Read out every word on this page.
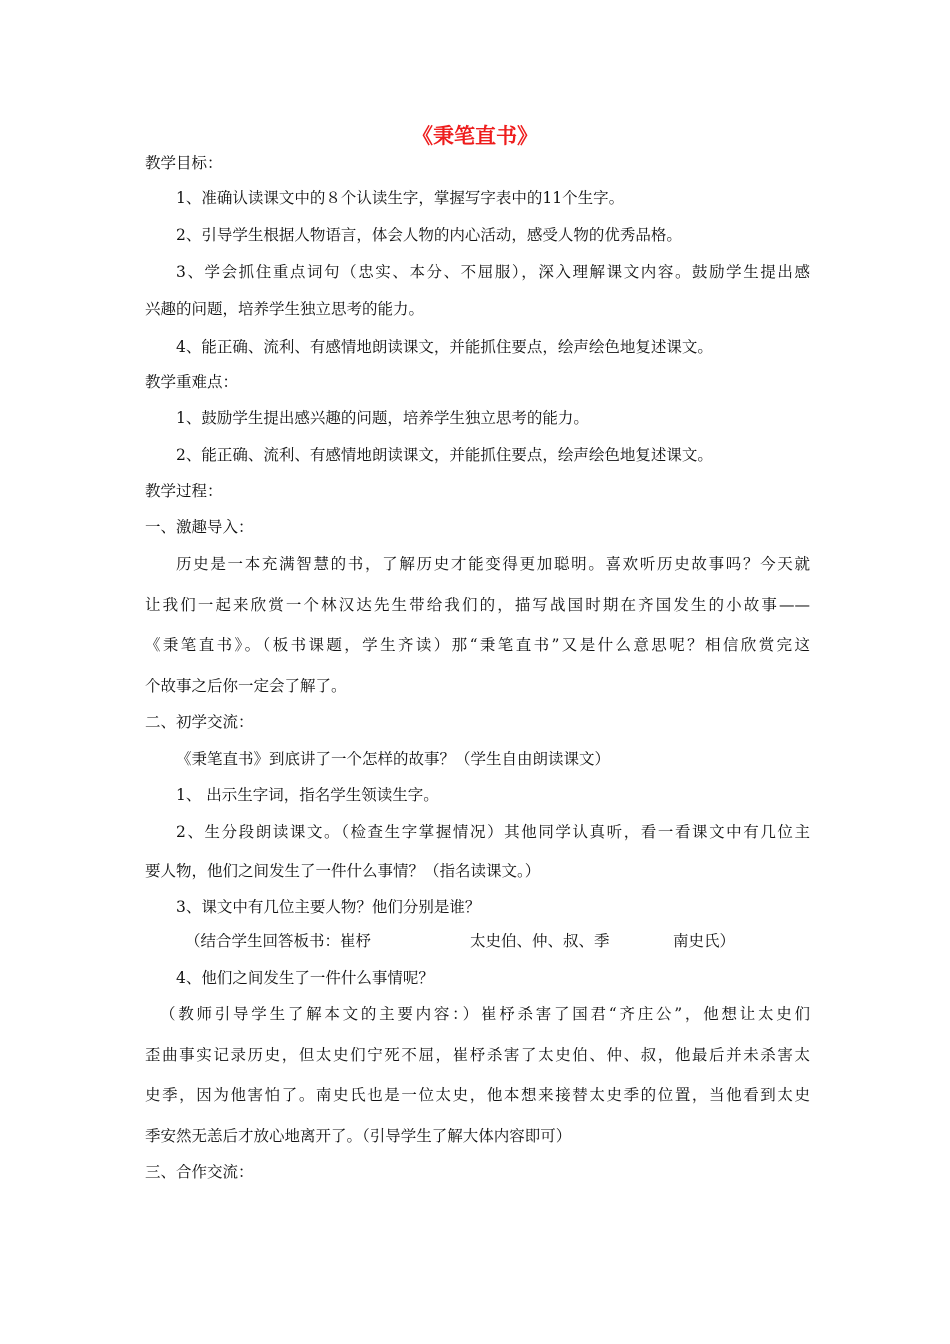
《秉笔直书》
教学目标：
1、准确认读课文中的８个认读生字，掌握写字表中的11个生字。
2、引导学生根据人物语言，体会人物的内心活动，感受人物的优秀品格。
3、学会抓住重点词句（忠实、本分、不屈服），深入理解课文内容。鼓励学生提出感
兴趣的问题，培养学生独立思考的能力。
4、能正确、流利、有感情地朗读课文，并能抓住要点，绘声绘色地复述课文。
教学重难点：
1、鼓励学生提出感兴趣的问题，培养学生独立思考的能力。
2、能正确、流利、有感情地朗读课文，并能抓住要点，绘声绘色地复述课文。
教学过程：
一、激趣导入：
历史是一本充满智慧的书，了解历史才能变得更加聪明。喜欢听历史故事吗？今天就
让我们一起来欣赏一个林汉达先生带给我们的，描写战国时期在齐国发生的小故事——
《秉笔直书》。（板书课题，学生齐读）那“秉笔直书”又是什么意思呢？相信欣赏完这
个故事之后你一定会了解了。
二、初学交流：
《秉笔直书》到底讲了一个怎样的故事？（学生自由朗读课文）
1、 出示生字词，指名学生领读生字。
2、生分段朗读课文。（检查生字掌握情况）其他同学认真听，看一看课文中有几位主
要人物，他们之间发生了一件什么事情？（指名读课文。）
3、课文中有几位主要人物？他们分别是谁？
（结合学生回答板书：崔杼	太史伯、仲、叔、季	南史氏）
4、他们之间发生了一件什么事情呢？
（教师引导学生了解本文的主要内容：）崔杼杀害了国君“齐庄公”，他想让太史们
歪曲事实记录历史，但太史们宁死不屈，崔杼杀害了太史伯、仲、叔，他最后并未杀害太
史季，因为他害怕了。南史氏也是一位太史，他本想来接替太史季的位置，当他看到太史
季安然无恙后才放心地离开了。（引导学生了解大体内容即可）
三、合作交流：
